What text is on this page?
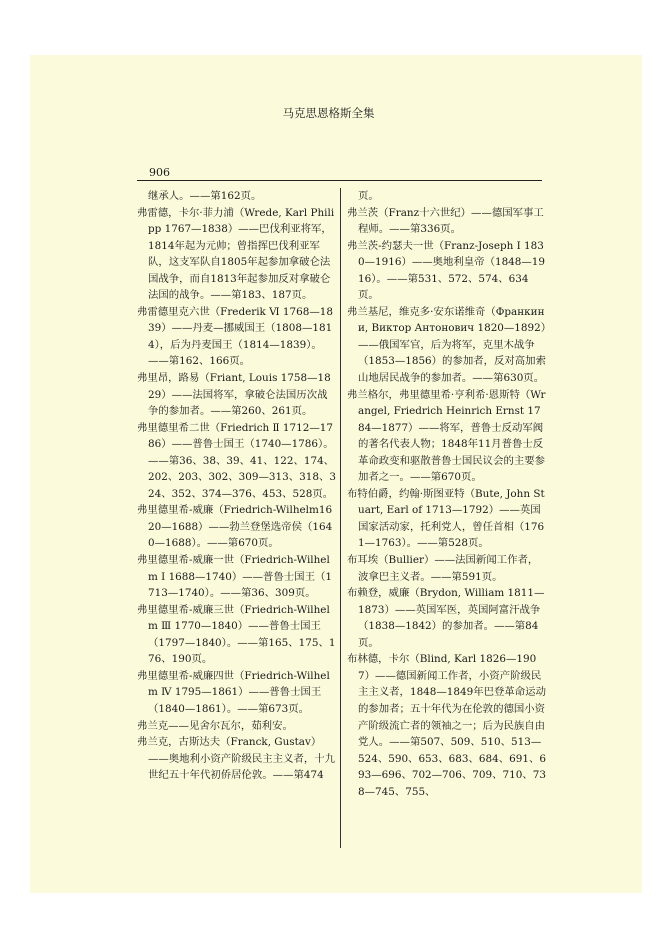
906
马克思恩格斯全集

继承人。——第162页。

弗雷德，卡尔·菲力浦（Wrede, Karl Philipp 1767—1838）——巴伐利亚将军，1814年起为元帅；曾指挥巴伐利亚军队，这支军队自1805年起参加拿破仑法国战争，而自1813年起参加反对拿破仑法国的战争。——第183、187页。

弗雷德里克六世（Frederik Ⅵ 1768—1839）——丹麦—挪威国王（1808—1814），后为丹麦国王（1814—1839）。——第162、166页。

弗里昂，路易（Friant, Louis 1758—1829）——法国将军，拿破仑法国历次战争的参加者。——第260、261页。

弗里德里希二世（Friedrich Ⅱ 1712—1786）——普鲁士国王（1740—1786）。——第36、38、39、41、122、174、202、203、302、309—313、318、324、352、374—376、453、528页。

弗里德里希-威廉（Friedrich-Wilhelm1620—1688）——勃兰登堡选帝侯（1640—1688）。——第670页。

弗里德里希-威廉一世（Friedrich-Wilhelm Ⅰ 1688—1740）——普鲁士国王（1713—1740）。——第36、309页。

弗里德里希-威廉三世（Friedrich-Wilhelm Ⅲ 1770—1840）——普鲁士国王（1797—1840）。——第165、175、176、190页。

弗里德里希-威廉四世（Friedrich-Wilhelm Ⅳ 1795—1861）——普鲁士国王（1840—1861）。——第673页。

弗兰克——见舍尔瓦尔，茹利安。

弗兰克，古斯达夫（Franck, Gustav）——奥地利小资产阶级民主主义者，十九世纪五十年代初侨居伦敦。——第474

页。

弗兰茨（Franz十六世纪）——德国军事工程师。——第336页。

弗兰茨-约瑟夫一世（Franz-Joseph Ⅰ 1830—1916）——奥地利皇帝（1848—1916）。——第531、572、574、634页。

弗兰基尼，维克多·安东诺维奇（Франкини, Виктор Антонович 1820—1892）——俄国军官，后为将军，克里木战争（1853—1856）的参加者，反对高加索山地居民战争的参加者。——第630页。

弗兰格尔，弗里德里希·亨利希·恩斯特（Wrangel, Friedrich Heinrich Ernst 1784—1877）——将军，普鲁士反动军阀的著名代表人物；1848年11月普鲁士反革命政变和驱散普鲁士国民议会的主要参加者之一。——第670页。

布特伯爵，约翰·斯图亚特（Bute, John Stuart, Earl of 1713—1792）——英国国家活动家，托利党人，曾任首相（1761—1763）。——第528页。

布耳埃（Bullier）——法国新闻工作者，波拿巴主义者。——第591页。

布赖登，威廉（Brydon, William 1811—1873）——英国军医，英国阿富汗战争（1838—1842）的参加者。——第84页。

布林德，卡尔（Blind, Karl 1826—1907）——德国新闻工作者，小资产阶级民主主义者，1848—1849年巴登革命运动的参加者；五十年代为在伦敦的德国小资产阶级流亡者的领袖之一；后为民族自由党人。——第507、509、510、513—524、590、653、683、684、691、693—696、702—706、709、710、738—745、755、
